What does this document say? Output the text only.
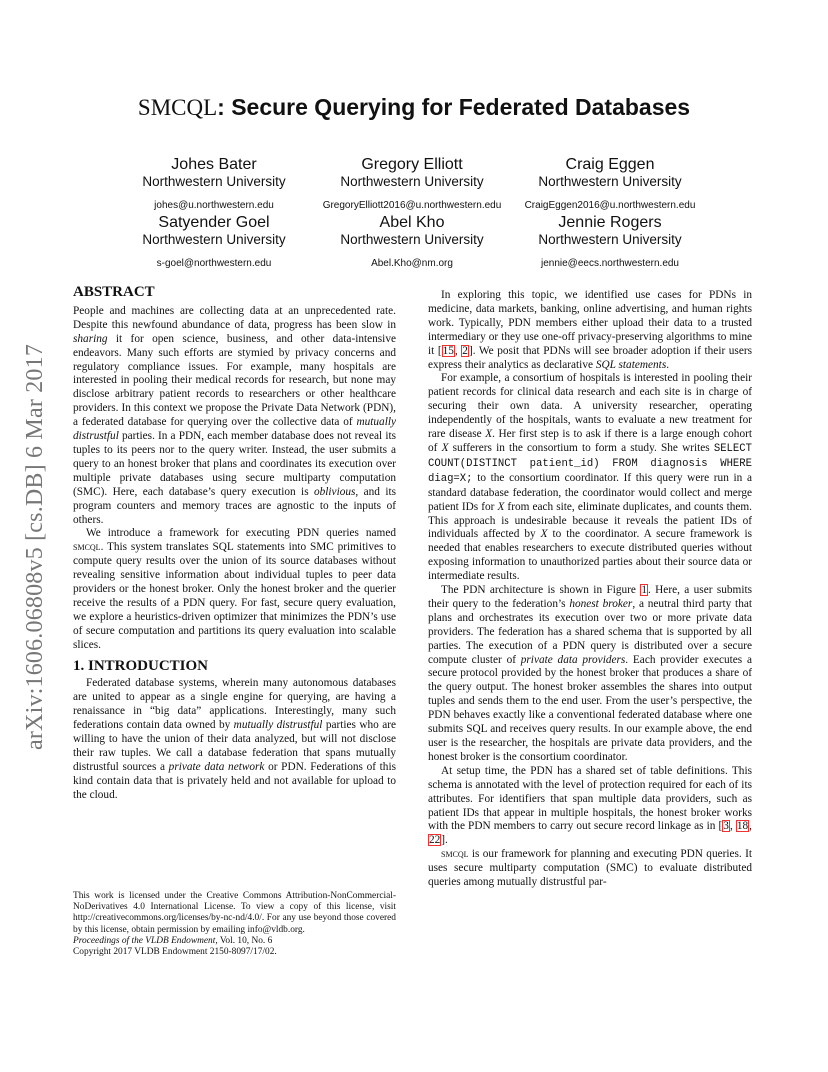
SMCQL: Secure Querying for Federated Databases
Johes Bater
Northwestern University
johes@u.northwestern.edu
Gregory Elliott
Northwestern University
GregoryElliott2016@u.northwestern.edu
Craig Eggen
Northwestern University
CraigEggen2016@u.northwestern.edu
Satyender Goel
Northwestern University
s-goel@northwestern.edu
Abel Kho
Northwestern University
Abel.Kho@nm.org
Jennie Rogers
Northwestern University
jennie@eecs.northwestern.edu
arXiv:1606.06808v5 [cs.DB] 6 Mar 2017
ABSTRACT

People and machines are collecting data at an unprecedented rate. Despite this newfound abundance of data, progress has been slow in sharing it for open science, business, and other data-intensive endeavors. Many such efforts are stymied by privacy concerns and regulatory compliance issues. For example, many hospitals are interested in pooling their medical records for research, but none may disclose arbitrary patient records to researchers or other healthcare providers. In this context we propose the Private Data Network (PDN), a federated database for querying over the collective data of mutually distrustful parties. In a PDN, each member database does not reveal its tuples to its peers nor to the query writer. Instead, the user submits a query to an honest broker that plans and coordinates its execution over multiple private databases using secure multiparty computation (SMC). Here, each database’s query execution is oblivious, and its program counters and memory traces are agnostic to the inputs of others.

We introduce a framework for executing PDN queries named smcql. This system translates SQL statements into SMC primitives to compute query results over the union of its source databases without revealing sensitive information about individual tuples to peer data providers or the honest broker. Only the honest broker and the querier receive the results of a PDN query. For fast, secure query evaluation, we explore a heuristics-driven optimizer that minimizes the PDN’s use of secure computation and partitions its query evaluation into scalable slices.

1. INTRODUCTION

Federated database systems, wherein many autonomous databases are united to appear as a single engine for querying, are having a renaissance in “big data” applications. Interestingly, many such federations contain data owned by mutually distrustful parties who are willing to have the union of their data analyzed, but will not disclose their raw tuples. We call a database federation that spans mutually distrustful sources a private data network or PDN. Federations of this kind contain data that is privately held and not available for upload to the cloud.

This work is licensed under the Creative Commons Attribution-NonCommercial-NoDerivatives 4.0 International License. To view a copy of this license, visit http://creativecommons.org/licenses/by-nc-nd/4.0/. For any use beyond those covered by this license, obtain permission by emailing info@vldb.org.

Proceedings of the VLDB Endowment, Vol. 10, No. 6

Copyright 2017 VLDB Endowment 2150-8097/17/02.

In exploring this topic, we identified use cases for PDNs in medicine, data markets, banking, online advertising, and human rights work. Typically, PDN members either upload their data to a trusted intermediary or they use one-off privacy-preserving algorithms to mine it [15, 2]. We posit that PDNs will see broader adoption if their users express their analytics as declarative SQL statements.

For example, a consortium of hospitals is interested in pooling their patient records for clinical data research and each site is in charge of securing their own data. A university researcher, operating independently of the hospitals, wants to evaluate a new treatment for rare disease X. Her first step is to ask if there is a large enough cohort of X sufferers in the consortium to form a study. She writes SELECT COUNT(DISTINCT patient_id) FROM diagnosis WHERE diag=X; to the consortium coordinator. If this query were run in a standard database federation, the coordinator would collect and merge patient IDs for X from each site, eliminate duplicates, and counts them. This approach is undesirable because it reveals the patient IDs of individuals affected by X to the coordinator. A secure framework is needed that enables researchers to execute distributed queries without exposing information to unauthorized parties about their source data or intermediate results.

The PDN architecture is shown in Figure 1. Here, a user submits their query to the federation’s honest broker, a neutral third party that plans and orchestrates its execution over two or more private data providers. The federation has a shared schema that is supported by all parties. The execution of a PDN query is distributed over a secure compute cluster of private data providers. Each provider executes a secure protocol provided by the honest broker that produces a share of the query output. The honest broker assembles the shares into output tuples and sends them to the end user. From the user’s perspective, the PDN behaves exactly like a conventional federated database where one submits SQL and receives query results. In our example above, the end user is the researcher, the hospitals are private data providers, and the honest broker is the consortium coordinator.

At setup time, the PDN has a shared set of table definitions. This schema is annotated with the level of protection required for each of its attributes. For identifiers that span multiple data providers, such as patient IDs that appear in multiple hospitals, the honest broker works with the PDN members to carry out secure record linkage as in [3, 18, 22].

smcql is our framework for planning and executing PDN queries. It uses secure multiparty computation (SMC) to evaluate distributed queries among mutually distrustful par-
